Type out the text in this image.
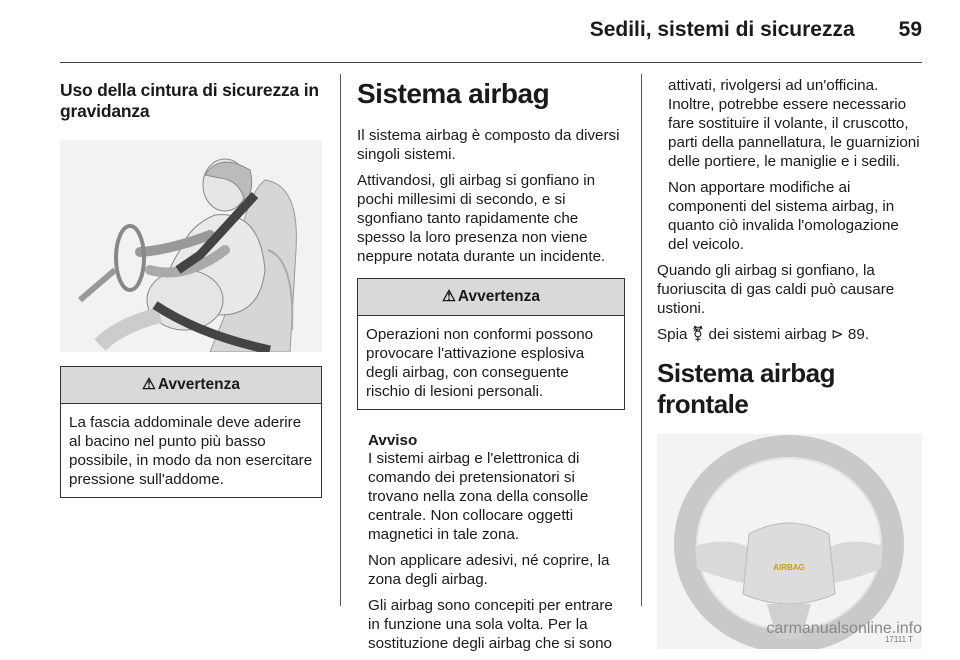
Sedili, sistemi di sicurezza 59
Uso della cintura di sicurezza in gravidanza
⚠ Avvertenza
La fascia addominale deve aderire al bacino nel punto più basso possibile, in modo da non esercitare pressione sull'addome.
Sistema airbag

Il sistema airbag è composto da diversi singoli sistemi.

Attivandosi, gli airbag si gonfiano in pochi millesimi di secondo, e si sgonfiano tanto rapidamente che spesso la loro presenza non viene neppure notata durante un incidente.

⚠ Avvertenza
Operazioni non conformi possono provocare l'attivazione esplosiva degli airbag, con conseguente rischio di lesioni personali.
Avviso

I sistemi airbag e l'elettronica di comando dei pretensionatori si trovano nella zona della consolle centrale. Non collocare oggetti magnetici in tale zona.

Non applicare adesivi, né coprire, la zona degli airbag.

Gli airbag sono concepiti per entrare in funzione una sola volta. Per la sostituzione degli airbag che si sono

attivati, rivolgersi ad un'officina. Inoltre, potrebbe essere necessario fare sostituire il volante, il cruscotto, parti della pannellatura, le guarnizioni delle portiere, le maniglie e i sedili.

Non apportare modifiche ai componenti del sistema airbag, in quanto ciò invalida l'omologazione del veicolo.

Quando gli airbag si gonfiano, la fuoriuscita di gas caldi può causare ustioni.

Spia ⚧ dei sistemi airbag ⊳ 89.

Sistema airbag frontale
AIRBAG
17111 T
carmanualsonline.info
